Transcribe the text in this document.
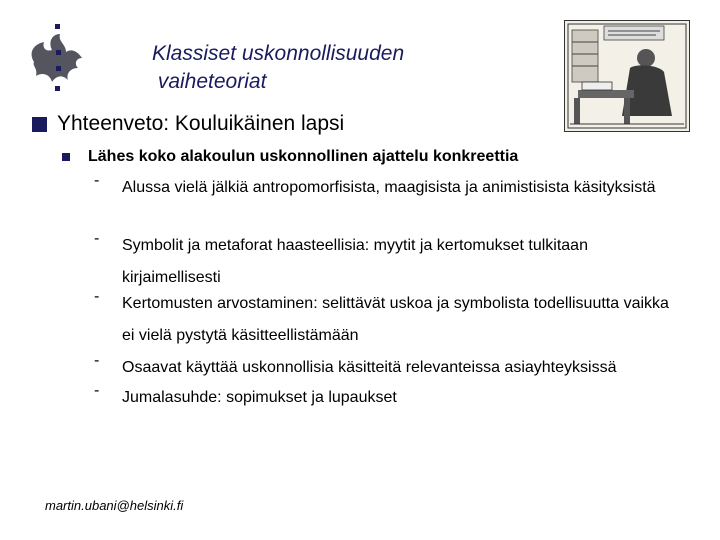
Klassiset uskonnollisuuden
vaiheteoriat
Yhteenveto: Kouluikäinen lapsi
Lähes koko alakoulun uskonnollinen ajattelu konkreettia
-	Alussa vielä jälkiä antropomorfisista, maagisista ja animistisista käsityksistä
-	Symbolit ja metaforat haasteellisia: myytit ja kertomukset tulkitaan kirjaimellisesti
-	Kertomusten arvostaminen: selittävät uskoa ja symbolista todellisuutta vaikka ei vielä pystytä käsitteellistämään
-	Osaavat käyttää uskonnollisia käsitteitä relevanteissa asiayhteyksissä
-	Jumalasuhde: sopimukset ja lupaukset
martin.ubani@helsinki.fi
